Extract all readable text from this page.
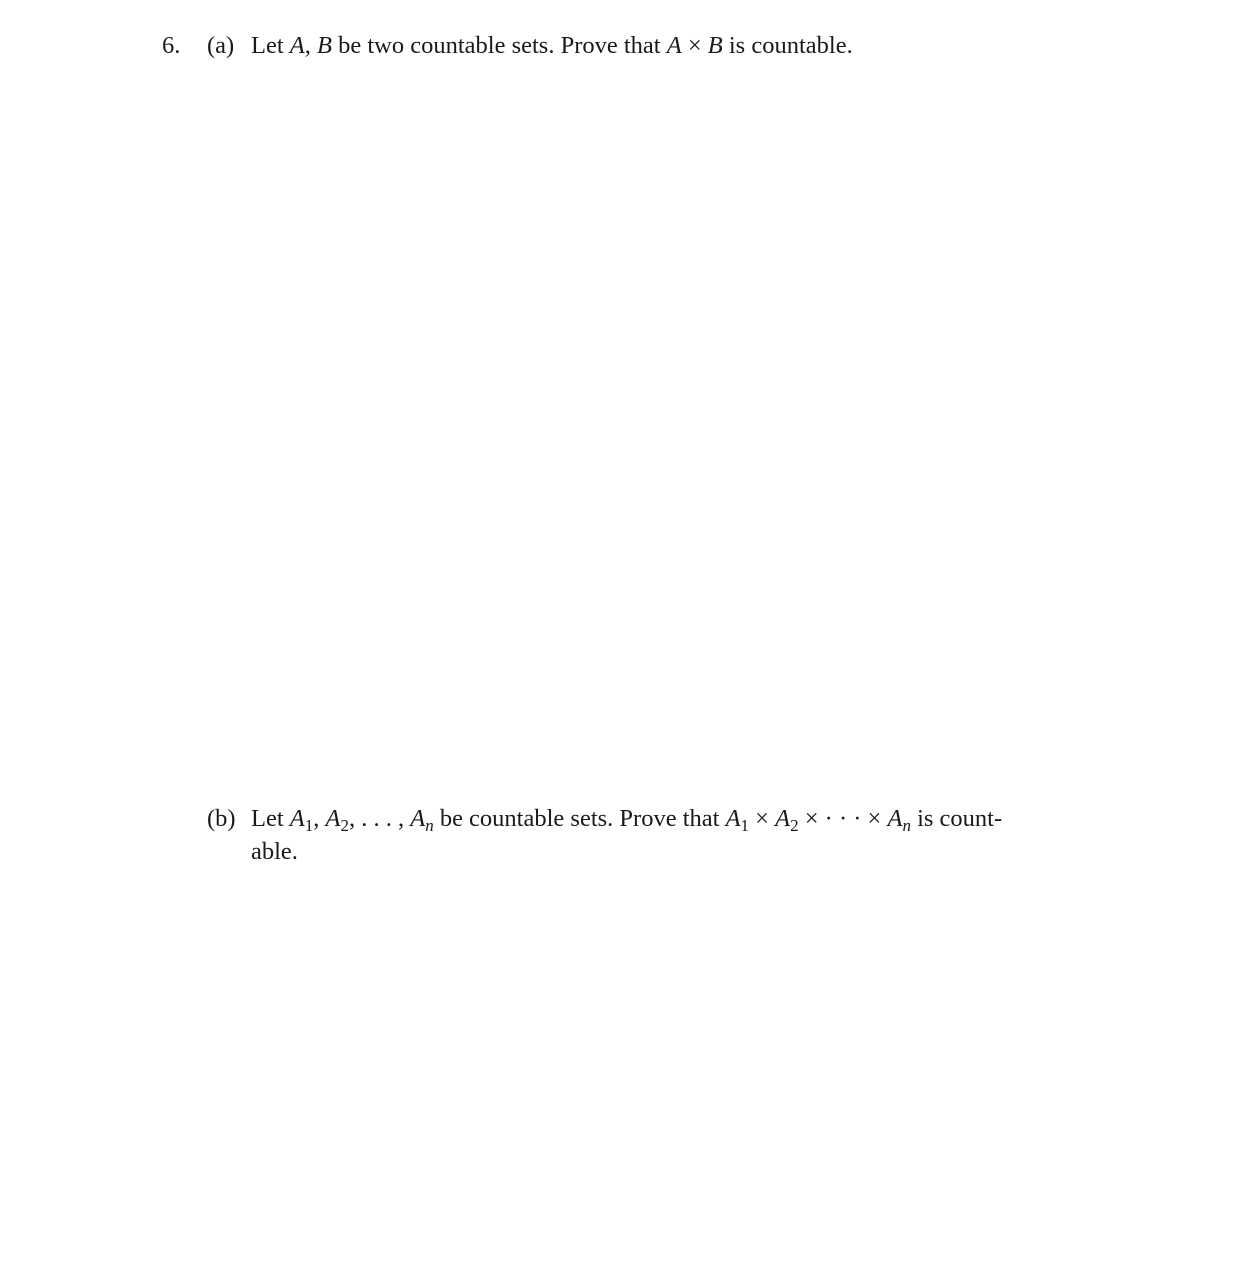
6. (a) Let A, B be two countable sets. Prove that A × B is countable.
(b) Let $A_1$, $A_2$, . . . , $A_n$ be countable sets. Prove that $A_1 \times A_2$ × · · · × $A_n$ is count-
able.
